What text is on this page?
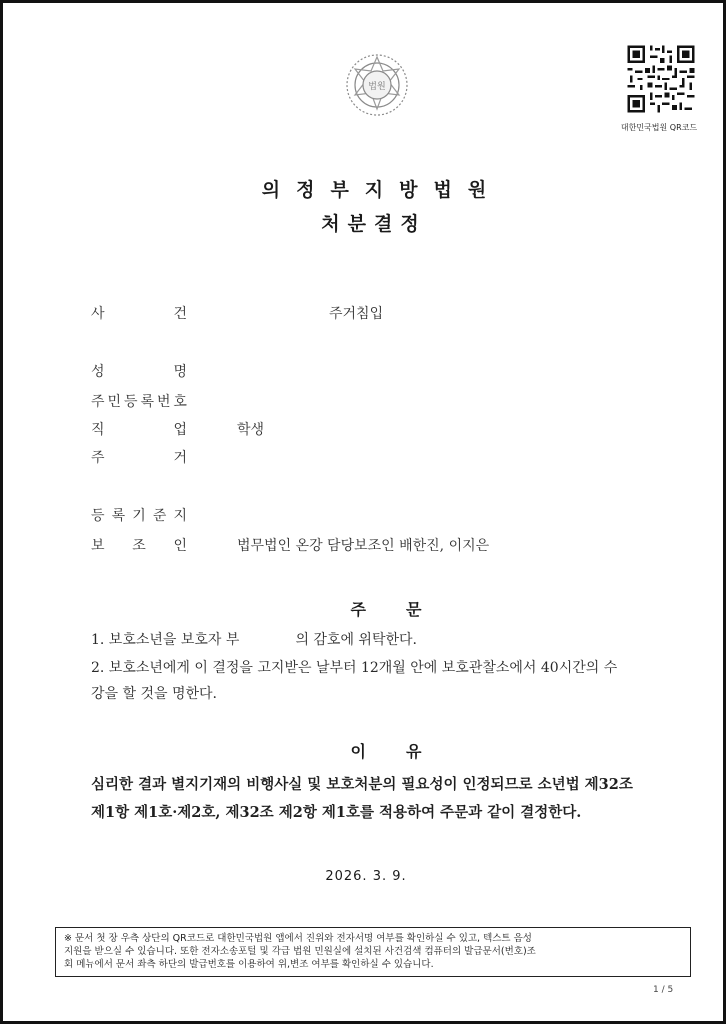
법원
대한민국법원 QR코드
의정부지방법원
처분결정
사	건	주거침입
성	명
주 민 등 록 번 호
직	업	학생
주	거
등 록 기 준 지
보 조 인	법무법인 온강 담당보조인 배한진, 이지은
주문
1. 보호소년을 보호자 부	의 감호에 위탁한다.
2. 보호소년에게 이 결정을 고지받은 날부터 12개월 안에 보호관찰소에서 40시간의 수
강을 할 것을 명한다.
이유
심리한 결과 별지기재의 비행사실 및 보호처분의 필요성이 인정되므로 소년법 제32조
제1항 제1호·제2호, 제32조 제2항 제1호를 적용하여 주문과 같이 결정한다.
2026. 3. 9.
※ 문서 첫 장 우측 상단의 QR코드로 대한민국법원 앱에서 진위와 전자서명 여부를 확인하실 수 있고, 텍스트 음성
지원을 받으실 수 있습니다. 또한 전자소송포털 및 각급 법원 민원실에 설치된 사건검색 컴퓨터의 발급문서(번호)조
회 메뉴에서 문서 좌측 하단의 발급번호를 이용하여 위,변조 여부를 확인하실 수 있습니다.
1 / 5
